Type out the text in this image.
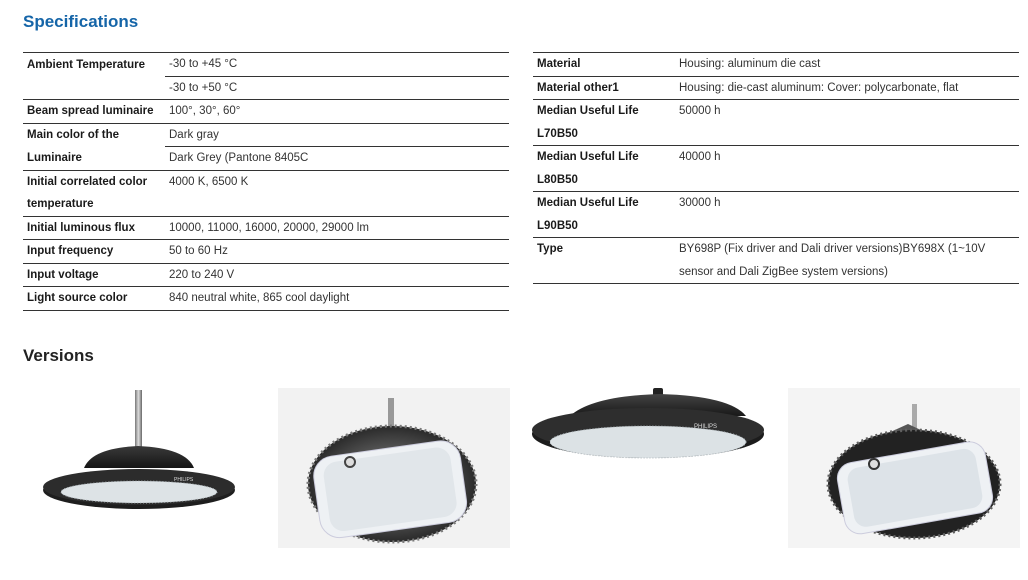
Specifications
Ambient Temperature	-30 to +45 °C
	-30 to +50 °C
Beam spread luminaire	100°, 30°, 60°
Main color of the	Dark gray
Luminaire	Dark Grey (Pantone 8405C
Initial correlated color	4000 K, 6500 K
temperature	
Initial luminous flux	10000, 11000, 16000, 20000, 29000 lm
Input frequency	50 to 60 Hz
Input voltage	220 to 240 V
Light source color	840 neutral white, 865 cool daylight
Material	Housing: aluminum die cast
Material other1	Housing: die-cast aluminum: Cover: polycarbonate, flat
Median Useful Life	50000 h
L70B50	
Median Useful Life	40000 h
L80B50	
Median Useful Life	30000 h
L90B50	
Type	BY698P (Fix driver and Dali driver versions)BY698X (1~10V
	sensor and Dali ZigBee system versions)
Versions
PHILIPS
PHILIPS
